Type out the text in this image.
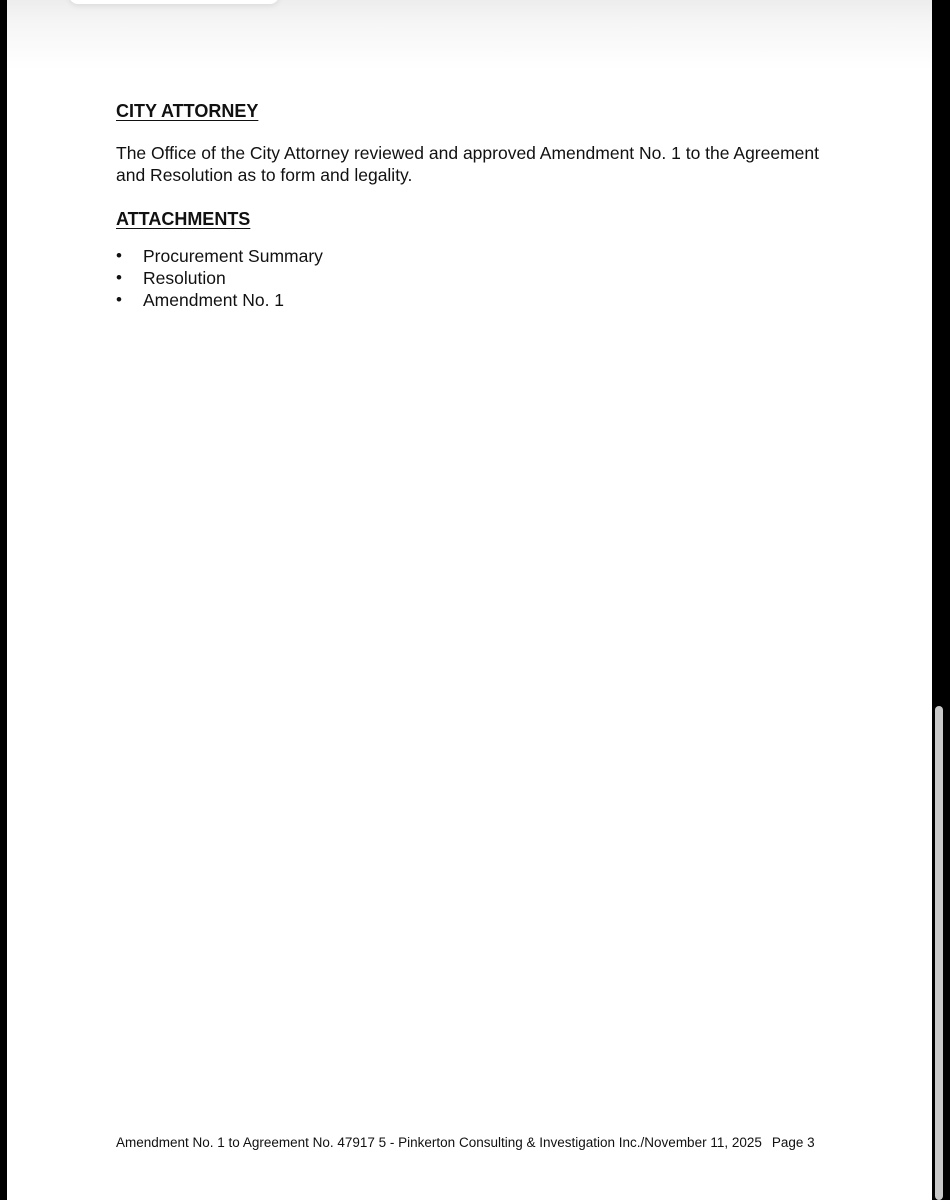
CITY ATTORNEY

The Office of the City Attorney reviewed and approved Amendment No. 1 to the Agreement and Resolution as to form and legality.

ATTACHMENTS
• Procurement Summary
• Resolution
• Amendment No. 1
Amendment No. 1 to Agreement No. 47917 5 - Pinkerton Consulting & Investigation Inc./November 11, 2025 Page 3
